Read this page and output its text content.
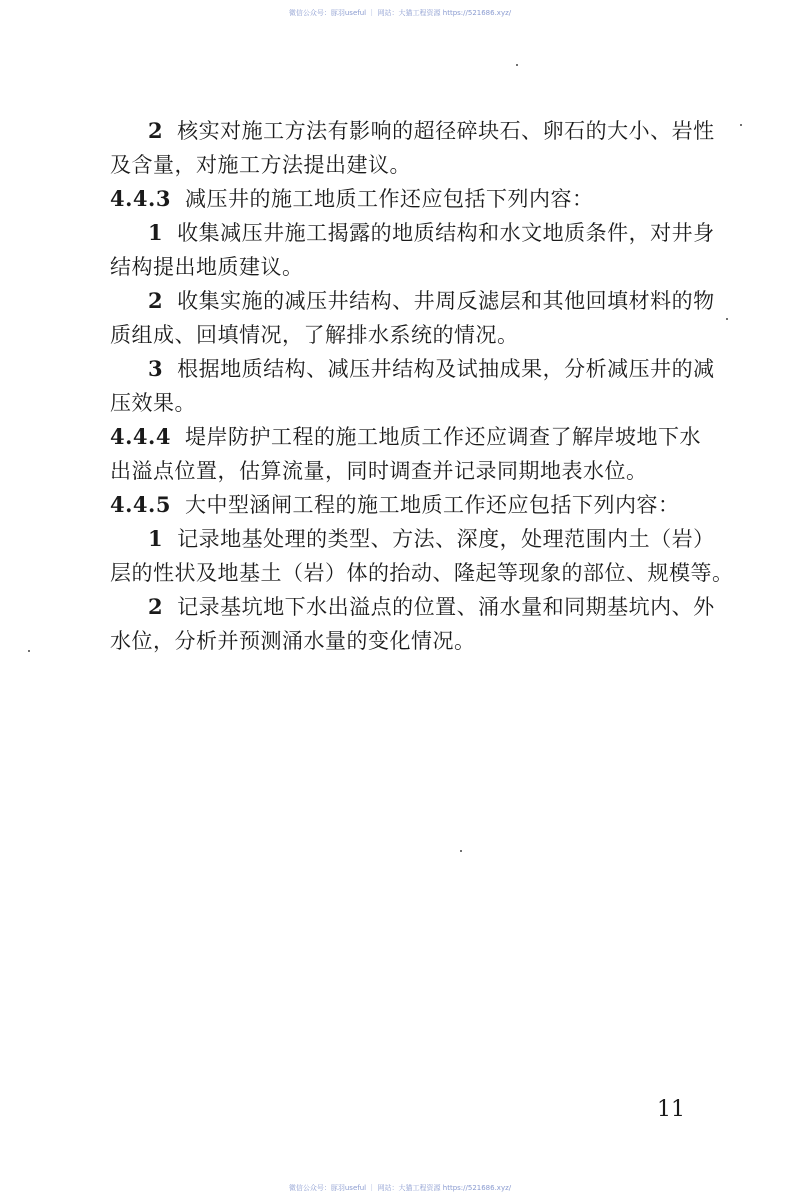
微信公众号：豚羽useful ｜ 网站：大猫工程资源 https://521686.xyz/
2 核实对施工方法有影响的超径碎块石、卵石的大小、岩性
及含量，对施工方法提出建议。
4.4.3 减压井的施工地质工作还应包括下列内容：
1 收集减压井施工揭露的地质结构和水文地质条件，对井身
结构提出地质建议。
2 收集实施的减压井结构、井周反滤层和其他回填材料的物
质组成、回填情况，了解排水系统的情况。
3 根据地质结构、减压井结构及试抽成果，分析减压井的减
压效果。
4.4.4 堤岸防护工程的施工地质工作还应调查了解岸坡地下水
出溢点位置，估算流量，同时调查并记录同期地表水位。
4.4.5 大中型涵闸工程的施工地质工作还应包括下列内容：
1 记录地基处理的类型、方法、深度，处理范围内土（岩）
层的性状及地基土（岩）体的抬动、隆起等现象的部位、规模等。
2 记录基坑地下水出溢点的位置、涌水量和同期基坑内、外
水位，分析并预测涌水量的变化情况。
11
微信公众号：豚羽useful ｜ 网站：大猫工程资源 https://521686.xyz/
